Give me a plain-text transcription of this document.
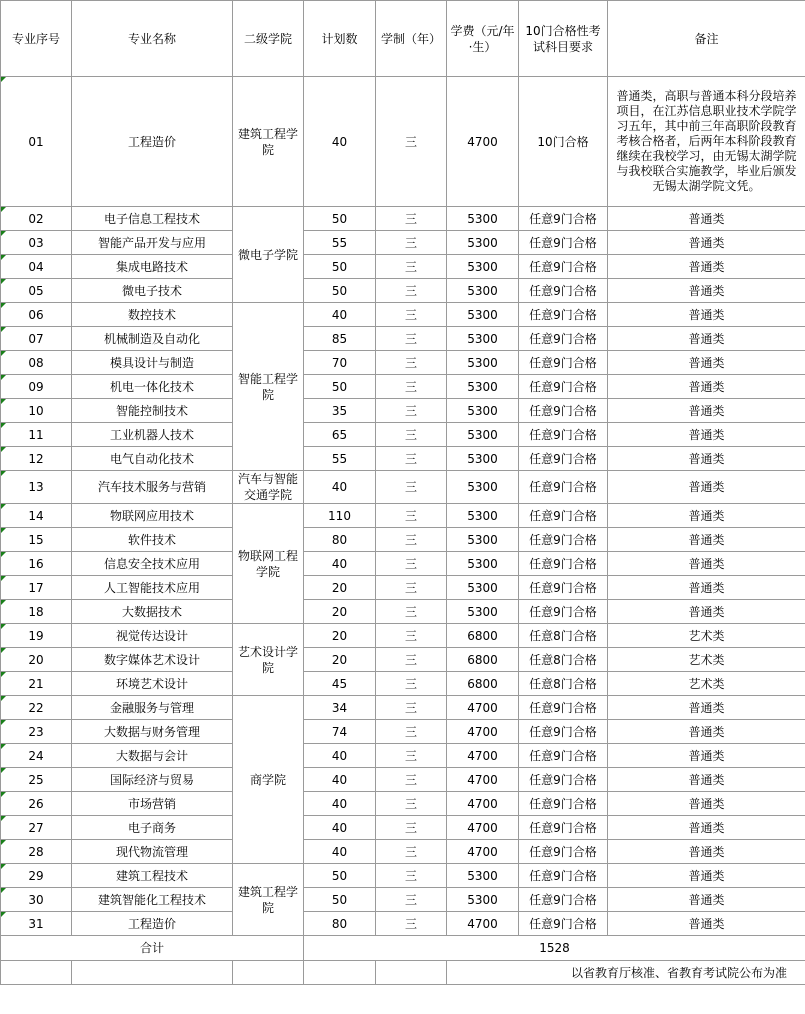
专业序号	专业名称	二级学院	计划数	学制（年）	学费（元/年·生）	10门合格性考试科目要求	备注
01	工程造价	建筑工程学院	40	三	4700	10门合格	普通类，高职与普通本科分段培养项目，在江苏信息职业技术学院学习五年，其中前三年高职阶段教育考核合格者，后两年本科阶段教育继续在我校学习，由无锡太湖学院与我校联合实施教学，毕业后颁发无锡太湖学院文凭。
02	电子信息工程技术	微电子学院	50	三	5300	任意9门合格	普通类
03	智能产品开发与应用		55	三	5300	任意9门合格	普通类
04	集成电路技术		50	三	5300	任意9门合格	普通类
05	微电子技术		50	三	5300	任意9门合格	普通类
06	数控技术	智能工程学院	40	三	5300	任意9门合格	普通类
07	机械制造及自动化		85	三	5300	任意9门合格	普通类
08	模具设计与制造		70	三	5300	任意9门合格	普通类
09	机电一体化技术		50	三	5300	任意9门合格	普通类
10	智能控制技术		35	三	5300	任意9门合格	普通类
11	工业机器人技术		65	三	5300	任意9门合格	普通类
12	电气自动化技术		55	三	5300	任意9门合格	普通类
13	汽车技术服务与营销	汽车与智能交通学院	40	三	5300	任意9门合格	普通类
14	物联网应用技术	物联网工程学院	110	三	5300	任意9门合格	普通类
15	软件技术		80	三	5300	任意9门合格	普通类
16	信息安全技术应用		40	三	5300	任意9门合格	普通类
17	人工智能技术应用		20	三	5300	任意9门合格	普通类
18	大数据技术		20	三	5300	任意9门合格	普通类
19	视觉传达设计	艺术设计学院	20	三	6800	任意8门合格	艺术类
20	数字媒体艺术设计		20	三	6800	任意8门合格	艺术类
21	环境艺术设计		45	三	6800	任意8门合格	艺术类
22	金融服务与管理	商学院	34	三	4700	任意9门合格	普通类
23	大数据与财务管理		74	三	4700	任意9门合格	普通类
24	大数据与会计		40	三	4700	任意9门合格	普通类
25	国际经济与贸易		40	三	4700	任意9门合格	普通类
26	市场营销		40	三	4700	任意9门合格	普通类
27	电子商务		40	三	4700	任意9门合格	普通类
28	现代物流管理		40	三	4700	任意9门合格	普通类
29	建筑工程技术	建筑工程学院	50	三	5300	任意9门合格	普通类
30	建筑智能化工程技术		50	三	5300	任意9门合格	普通类
31	工程造价		80	三	4700	任意9门合格	普通类
合计			1528				
					以省教育厅核准、省教育考试院公布为准		
